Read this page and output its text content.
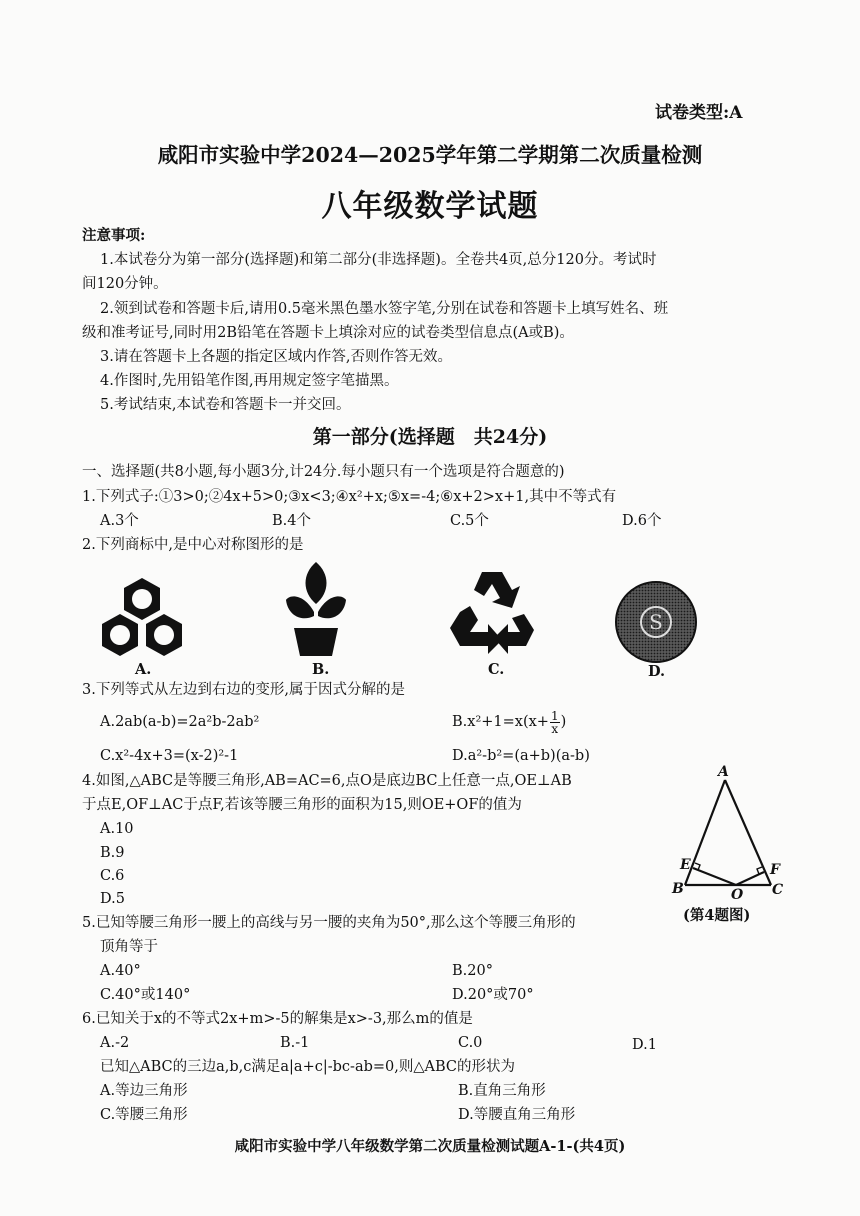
试卷类型:A
咸阳市实验中学2024—2025学年第二学期第二次质量检测
八年级数学试题
注意事项:
1.本试卷分为第一部分(选择题)和第二部分(非选择题)。全卷共4页,总分120分。考试时
间120分钟。
2.领到试卷和答题卡后,请用0.5毫米黑色墨水签字笔,分别在试卷和答题卡上填写姓名、班
级和准考证号,同时用2B铅笔在答题卡上填涂对应的试卷类型信息点(A或B)。
3.请在答题卡上各题的指定区域内作答,否则作答无效。
4.作图时,先用铅笔作图,再用规定签字笔描黑。
5.考试结束,本试卷和答题卡一并交回。
第一部分(选择题　共24分)
一、选择题(共8小题,每小题3分,计24分.每小题只有一个选项是符合题意的)
1.下列式子:①3>0;②4x+5>0;③x<3;④x²+x;⑤x=-4;⑥x+2>x+1,其中不等式有
A.3个	B.4个	C.5个	D.6个
2.下列商标中,是中心对称图形的是
S
A.	B.	C.	D.
3.下列等式从左边到右边的变形,属于因式分解的是
A.2ab(a-b)=2a²b-2ab²	$B.x^2+1=x(x+ \frac{1}{x}$ )
C.x²-4x+3=(x-2)²-1	D.a²-b²=(a+b)(a-b)
4.如图,△ABC是等腰三角形,AB=AC=6,点O是底边BC上任意一点,OE⊥AB
于点E,OF⊥AC于点F,若该等腰三角形的面积为15,则OE+OF的值为
A.10
B.9
C.6
D.5
A
B	C
E	F
O
(第4题图)
5.已知等腰三角形一腰上的高线与另一腰的夹角为50°,那么这个等腰三角形的
顶角等于
A.40°	B.20°
C.40°或140°	D.20°或70°
6.已知关于x的不等式2x+m>-5的解集是x>-3,那么m的值是
A.-2	B.-1	C.0	D.1
已知△ABC的三边a,b,c满足a|a+c|-bc-ab=0,则△ABC的形状为
A.等边三角形	B.直角三角形
C.等腰三角形	D.等腰直角三角形
咸阳市实验中学八年级数学第二次质量检测试题A-1-(共4页)
